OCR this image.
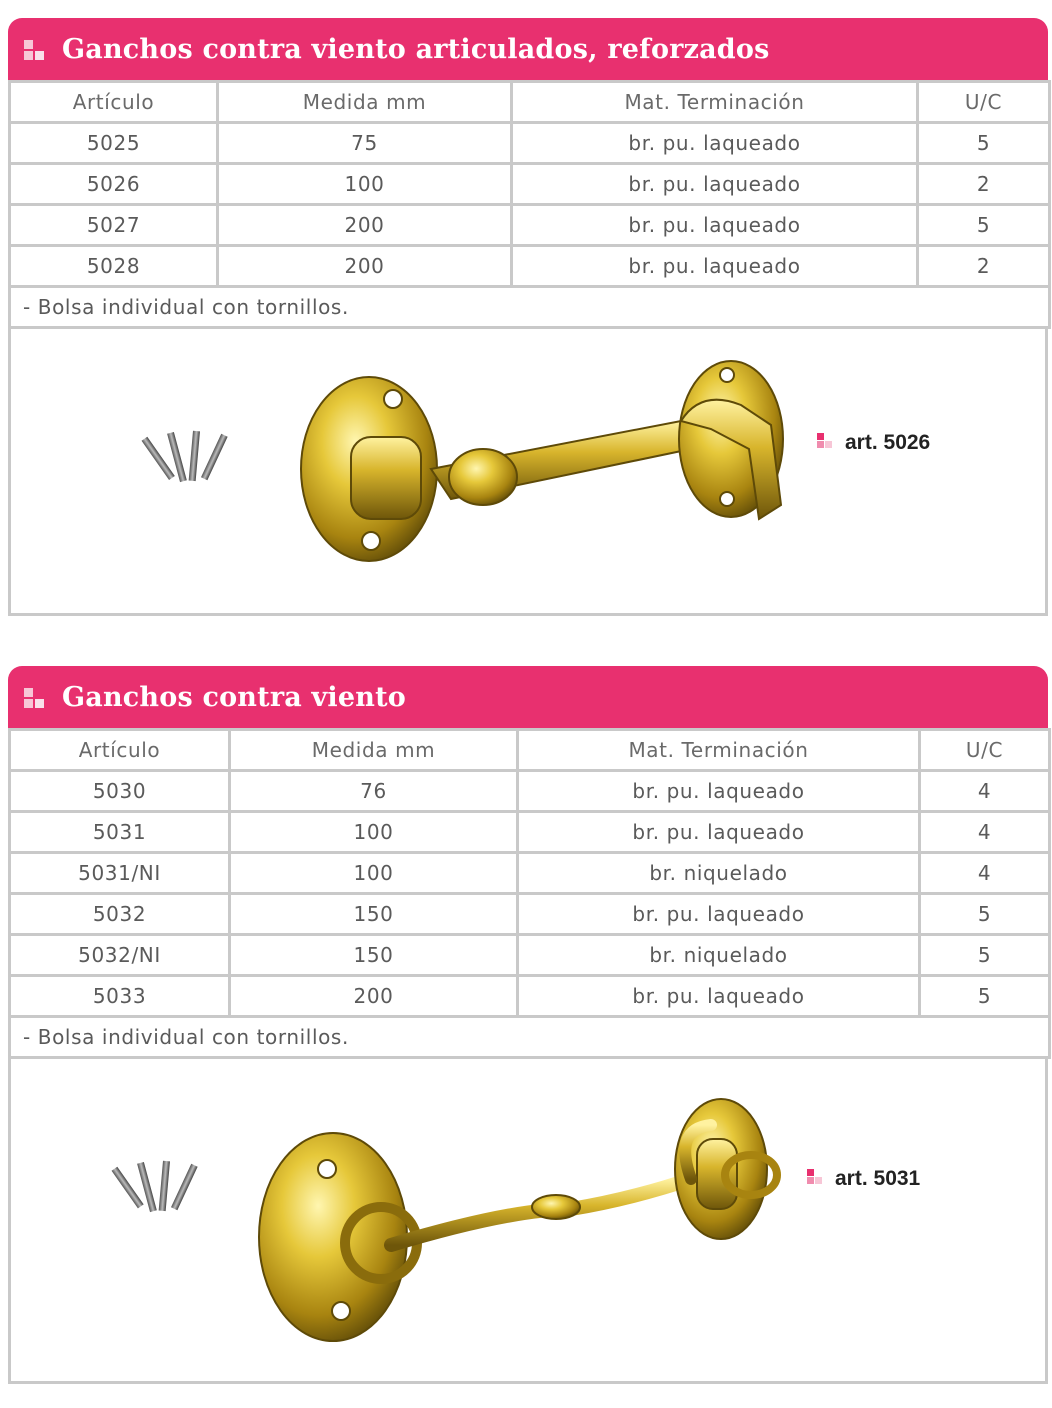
Ganchos contra viento articulados, reforzados
Artículo	Medida mm	Mat. Terminación	U/C
5025	75	br. pu. laqueado	5
5026	100	br. pu. laqueado	2
5027	200	br. pu. laqueado	5
5028	200	br. pu. laqueado	2
- Bolsa individual con tornillos.			
art. 5026
Ganchos contra viento
Artículo	Medida mm	Mat. Terminación	U/C
5030	76	br. pu. laqueado	4
5031	100	br. pu. laqueado	4
5031/NI	100	br. niquelado	4
5032	150	br. pu. laqueado	5
5032/NI	150	br. niquelado	5
5033	200	br. pu. laqueado	5
- Bolsa individual con tornillos.			
art. 5031
